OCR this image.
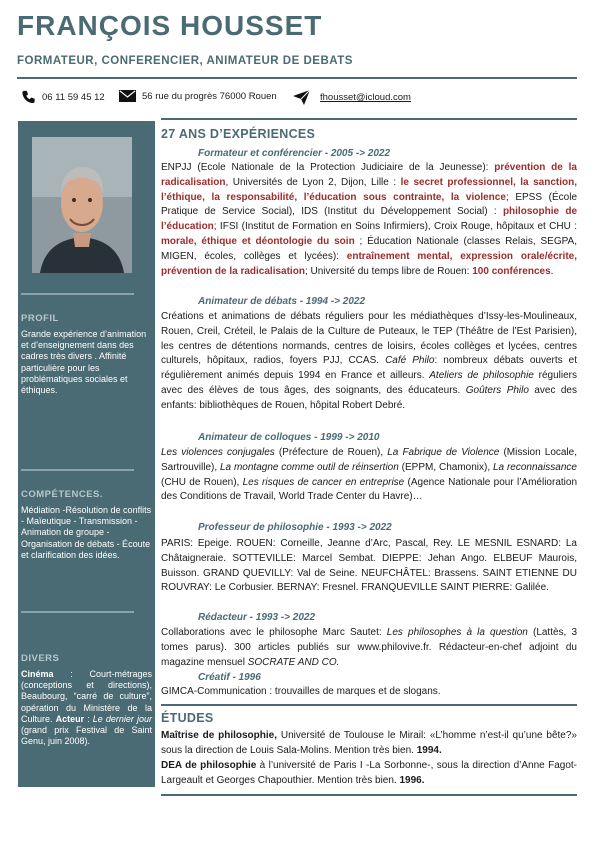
FRANÇOIS HOUSSET
FORMATEUR, CONFERENCIER, ANIMATEUR DE DEBATS
06 11 59 45 12	56 rue du progrès 76000 Rouen	fhousset@icloud.com
PROFIL
Grande expérience d’animation et d’enseignement dans des cadres très divers . Affinité particulière pour les problématiques sociales et éthiques.
COMPÉTENCES.
Médiation -Résolution de conflits - Maïeutique - Transmission - Animation de groupe - Organisation de débats - Écoute et clarification des idées.
DIVERS
Cinéma : Court-métrages (conceptions et directions), Beaubourg, “carré de culture”, opération du Ministère de la Culture. Acteur : Le dernier jour (grand prix Festival de Saint Genu, juin 2008).
27 ANS D’EXPÉRIENCES
Formateur et conférencier - 2005 -> 2022
ENPJJ (Ecole Nationale de la Protection Judiciaire de la Jeunesse): prévention de la radicalisation, Universités de Lyon 2, Dijon, Lille : le secret professionnel, la sanction, l’éthique, la responsabilité, l’éducation sous contrainte, la violence; EPSS (École Pratique de Service Social), IDS (Institut du Développement Social) : philosophie de l’éducation; IFSI (Institut de Formation en Soins Infirmiers), Croix Rouge, hôpitaux et CHU : morale, éthique et déontologie du soin ; Éducation Nationale (classes Relais, SEGPA, MIGEN, écoles, collèges et lycées): entraînement mental, expression orale/écrite, prévention de la radicalisation; Université du temps libre de Rouen: 100 conférences.
Animateur de débats - 1994 -> 2022
Créations et animations de débats réguliers pour les médiathèques d’Issy-les-Moulineaux, Rouen, Creil, Créteil, le Palais de la Culture de Puteaux, le TEP (Théâtre de l’Est Parisien), les centres de détentions normands, centres de loisirs, écoles collèges et lycées, centres culturels, hôpitaux, radios, foyers PJJ, CCAS. Café Philo: nombreux débats ouverts et régulièrement animés depuis 1994 en France et ailleurs. Ateliers de philosophie réguliers avec des élèves de tous âges, des soignants, des éducateurs. Goûters Philo avec des enfants: bibliothèques de Rouen, hôpital Robert Debré.
Animateur de colloques - 1999 -> 2010
Les violences conjugales (Préfecture de Rouen), La Fabrique de Violence (Mission Locale, Sartrouville), La montagne comme outil de réinsertion (EPPM, Chamonix), La reconnaissance (CHU de Rouen), Les risques de cancer en entreprise (Agence Nationale pour l’Amélioration des Conditions de Travail, World Trade Center du Havre)…
Professeur de philosophie - 1993 -> 2022
PARIS: Epeige. ROUEN: Corneille, Jeanne d’Arc, Pascal, Rey. LE MESNIL ESNARD: La Châtaigneraie. SOTTEVILLE: Marcel Sembat. DIEPPE: Jehan Ango. ELBEUF Maurois, Buisson. GRAND QUEVILLY: Val de Seine. NEUFCHÂTEL: Brassens. SAINT ETIENNE DU ROUVRAY: Le Corbusier. BERNAY: Fresnel. FRANQUEVILLE SAINT PIERRE: Galilée.
Rédacteur - 1993 -> 2022
Collaborations avec le philosophe Marc Sautet: Les philosophes à la question (Lattès, 3 tomes parus). 300 articles publiés sur www.philovive.fr. Rédacteur-en-chef adjoint du magazine mensuel SOCRATE AND CO.
Créatif - 1996
GIMCA-Communication : trouvailles de marques et de slogans.
ÉTUDES
Maîtrise de philosophie, Université de Toulouse le Mirail: «L’homme n’est-il qu’une bête?» sous la direction de Louis Sala-Molins. Mention très bien. 1994.
DEA de philosophie à l’université de Paris I -La Sorbonne-, sous la direction d’Anne Fagot-Largeault et Georges Chapouthier. Mention très bien. 1996.
